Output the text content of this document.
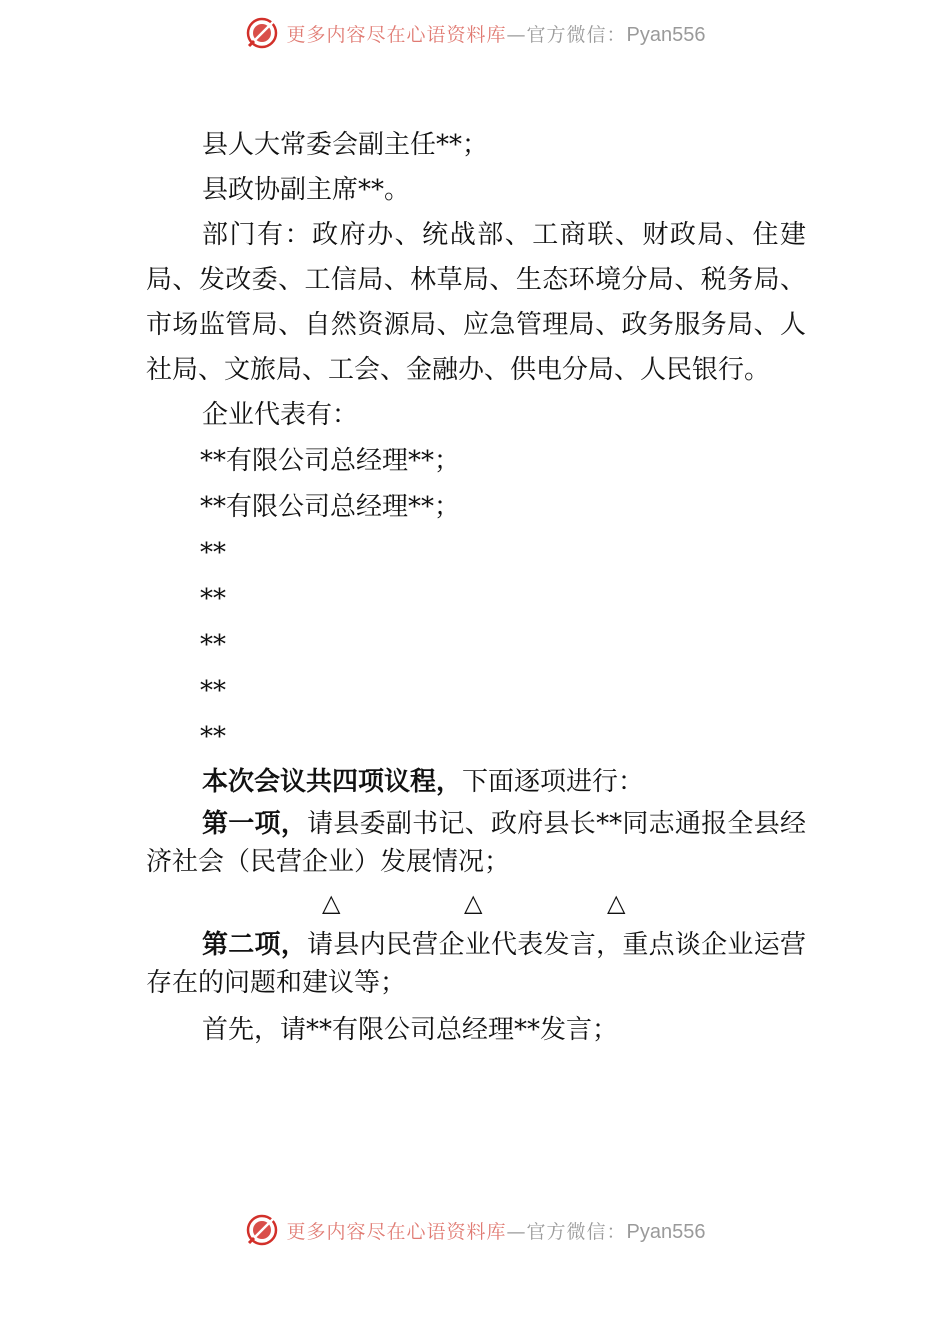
更多内容尽在心语资料库—官方微信：Pyan556

县人大常委会副主任**；

县政协副主席**。

部门有：政府办、统战部、工商联、财政局、住建局、发改委、工信局、林草局、生态环境分局、税务局、市场监管局、自然资源局、应急管理局、政务服务局、人社局、文旅局、工会、金融办、供电分局、人民银行。

企业代表有：

**有限公司总经理**；

**有限公司总经理**；

**

**

**

**

**

本次会议共四项议程，下面逐项进行：

第一项，请县委副书记、政府县长**同志通报全县经济社会（民营企业）发展情况；

△	△	△

第二项，请县内民营企业代表发言，重点谈企业运营存在的问题和建议等；

首先，请**有限公司总经理**发言；

更多内容尽在心语资料库—官方微信：Pyan556
